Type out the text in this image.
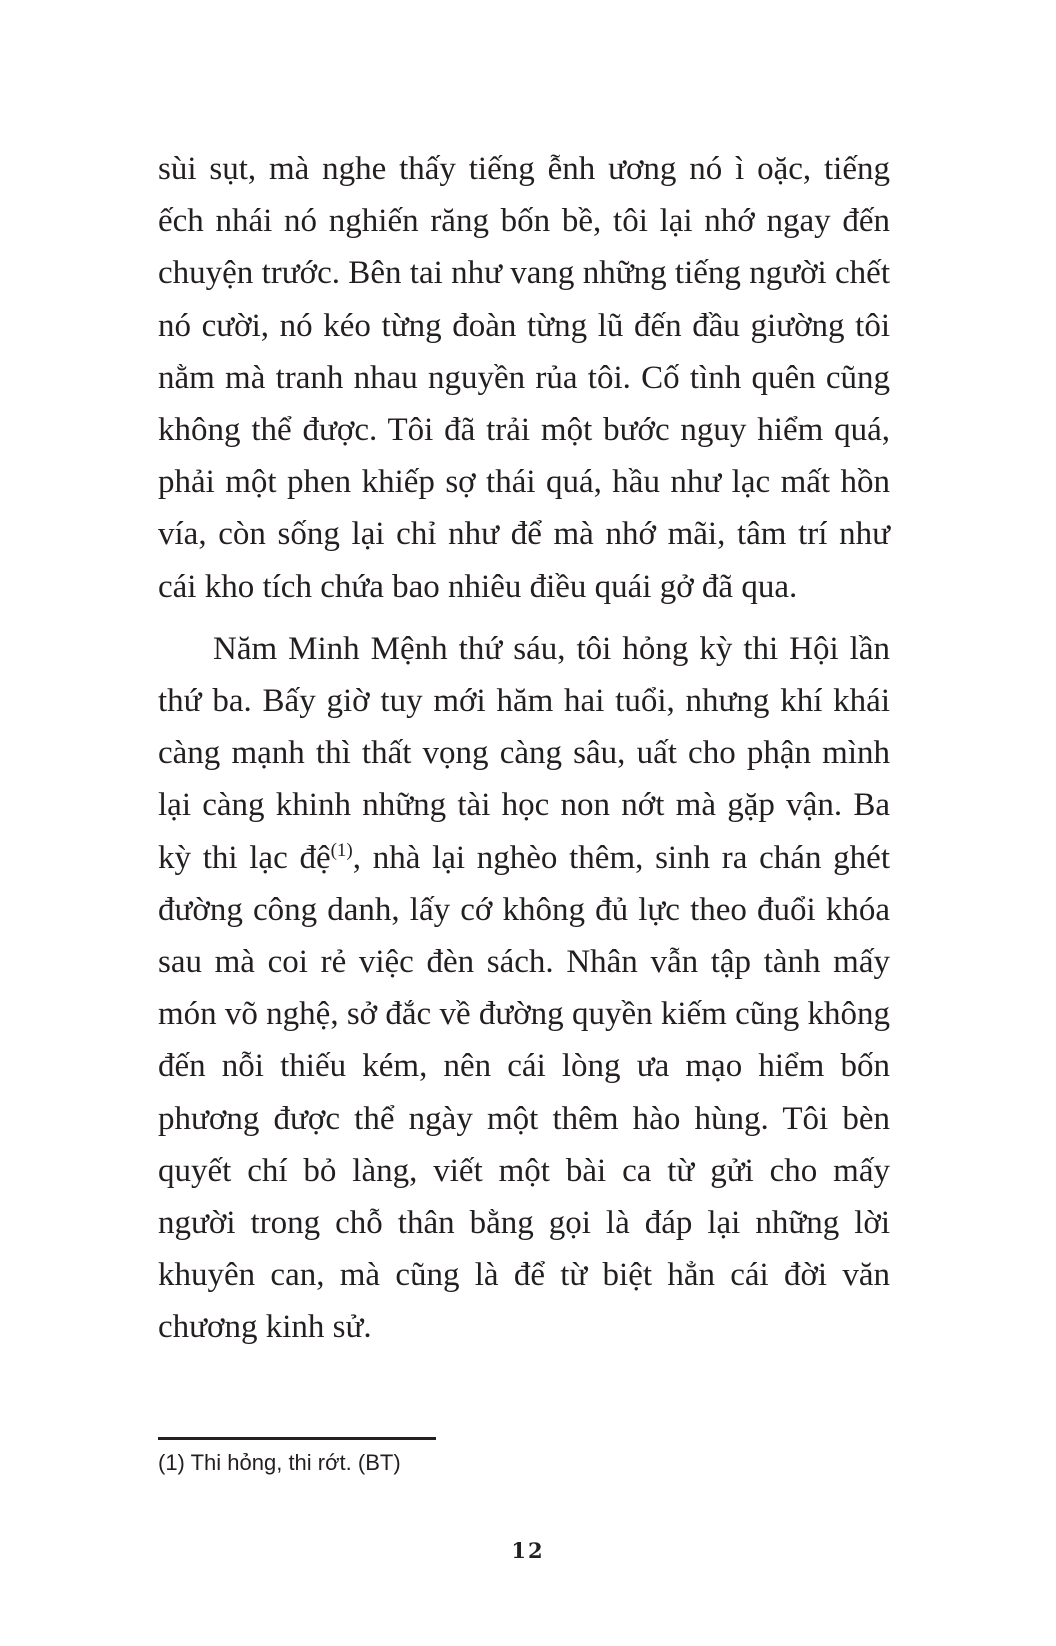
sùi sụt, mà nghe thấy tiếng ễnh ương nó ì oặc, tiếng ếch nhái nó nghiến răng bốn bề, tôi lại nhớ ngay đến chuyện trước. Bên tai như vang những tiếng người chết nó cười, nó kéo từng đoàn từng lũ đến đầu giường tôi nằm mà tranh nhau nguyền rủa tôi. Cố tình quên cũng không thể được. Tôi đã trải một bước nguy hiểm quá, phải một phen khiếp sợ thái quá, hầu như lạc mất hồn vía, còn sống lại chỉ như để mà nhớ mãi, tâm trí như cái kho tích chứa bao nhiêu điều quái gở đã qua.

Năm Minh Mệnh thứ sáu, tôi hỏng kỳ thi Hội lần thứ ba. Bấy giờ tuy mới hăm hai tuổi, nhưng khí khái càng mạnh thì thất vọng càng sâu, uất cho phận mình lại càng khinh những tài học non nớt mà gặp vận. Ba kỳ thi lạc đệ$^{(1)}$, nhà lại nghèo thêm, sinh ra chán ghét đường công danh, lấy cớ không đủ lực theo đuổi khóa sau mà coi rẻ việc đèn sách. Nhân vẫn tập tành mấy món võ nghệ, sở đắc về đường quyền kiếm cũng không đến nỗi thiếu kém, nên cái lòng ưa mạo hiểm bốn phương được thể ngày một thêm hào hùng. Tôi bèn quyết chí bỏ làng, viết một bài ca từ gửi cho mấy người trong chỗ thân bằng gọi là đáp lại những lời khuyên can, mà cũng là để từ biệt hẳn cái đời văn chương kinh sử.

(1) Thi hỏng, thi rớt. (BT)
12
